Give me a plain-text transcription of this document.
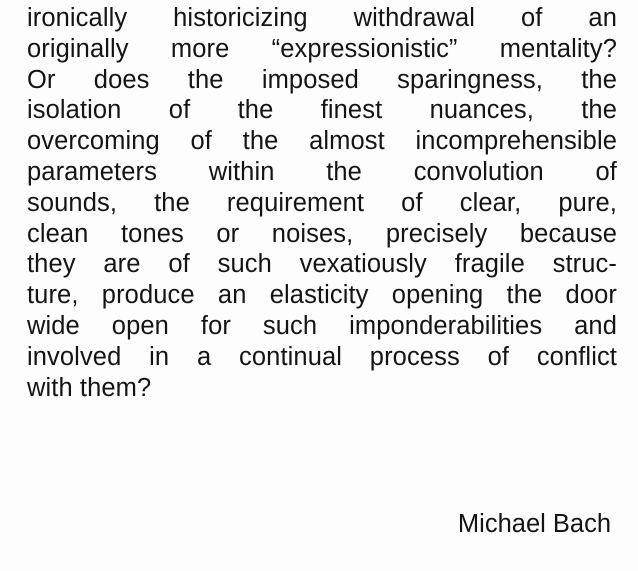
ironically historicizing withdrawal of an
originally more “expressionistic” mentality?
Or does the imposed sparingness, the
isolation of the finest nuances, the
overcoming of the almost incomprehensible
parameters within the convolution of
sounds, the requirement of clear, pure,
clean tones or noises, precisely because
they are of such vexatiously fragile struc-
ture, produce an elasticity opening the door
wide open for such imponderabilities and
involved in a continual process of conflict
with them?
Michael Bach
